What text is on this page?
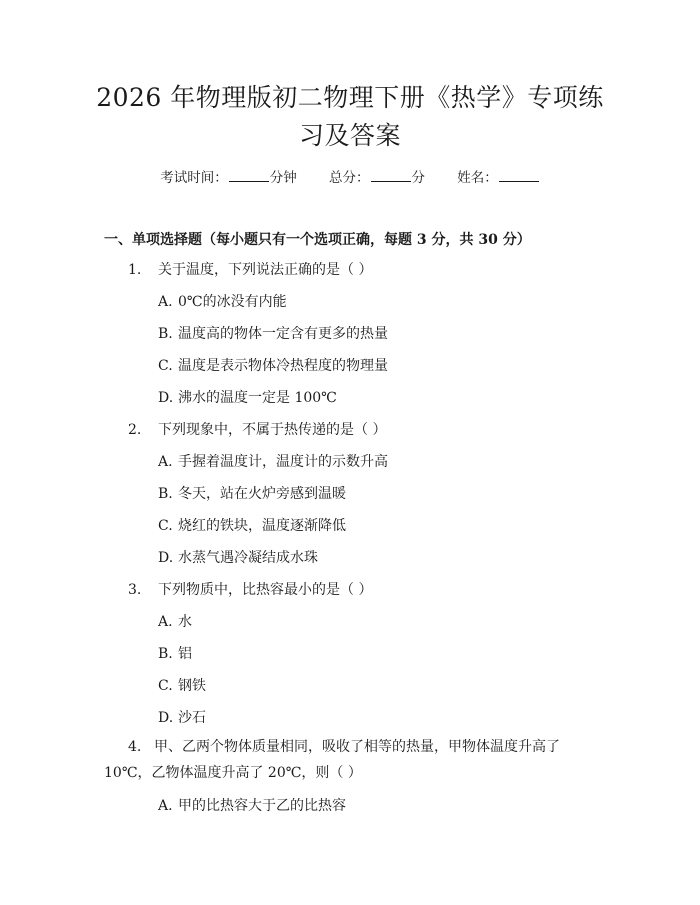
2026 年物理版初二物理下册《热学》专项练
习及答案
考试时间：	分钟 总分：	分 姓名：
一、单项选择题（每小题只有一个选项正确，每题 3 分，共 30 分）
1. 关于温度，下列说法正确的是（ ）
A. 0℃的冰没有内能
B. 温度高的物体一定含有更多的热量
C. 温度是表示物体冷热程度的物理量
D. 沸水的温度一定是 100℃
2. 下列现象中，不属于热传递的是（ ）
A. 手握着温度计，温度计的示数升高
B. 冬天，站在火炉旁感到温暖
C. 烧红的铁块，温度逐渐降低
D. 水蒸气遇冷凝结成水珠
3. 下列物质中，比热容最小的是（ ）
A. 水
B. 铝
C. 钢铁
D. 沙石
4. 甲、乙两个物体质量相同，吸收了相等的热量，甲物体温度升高了 10℃，乙物体温度升高了 20℃，则（ ）
A. 甲的比热容大于乙的比热容
